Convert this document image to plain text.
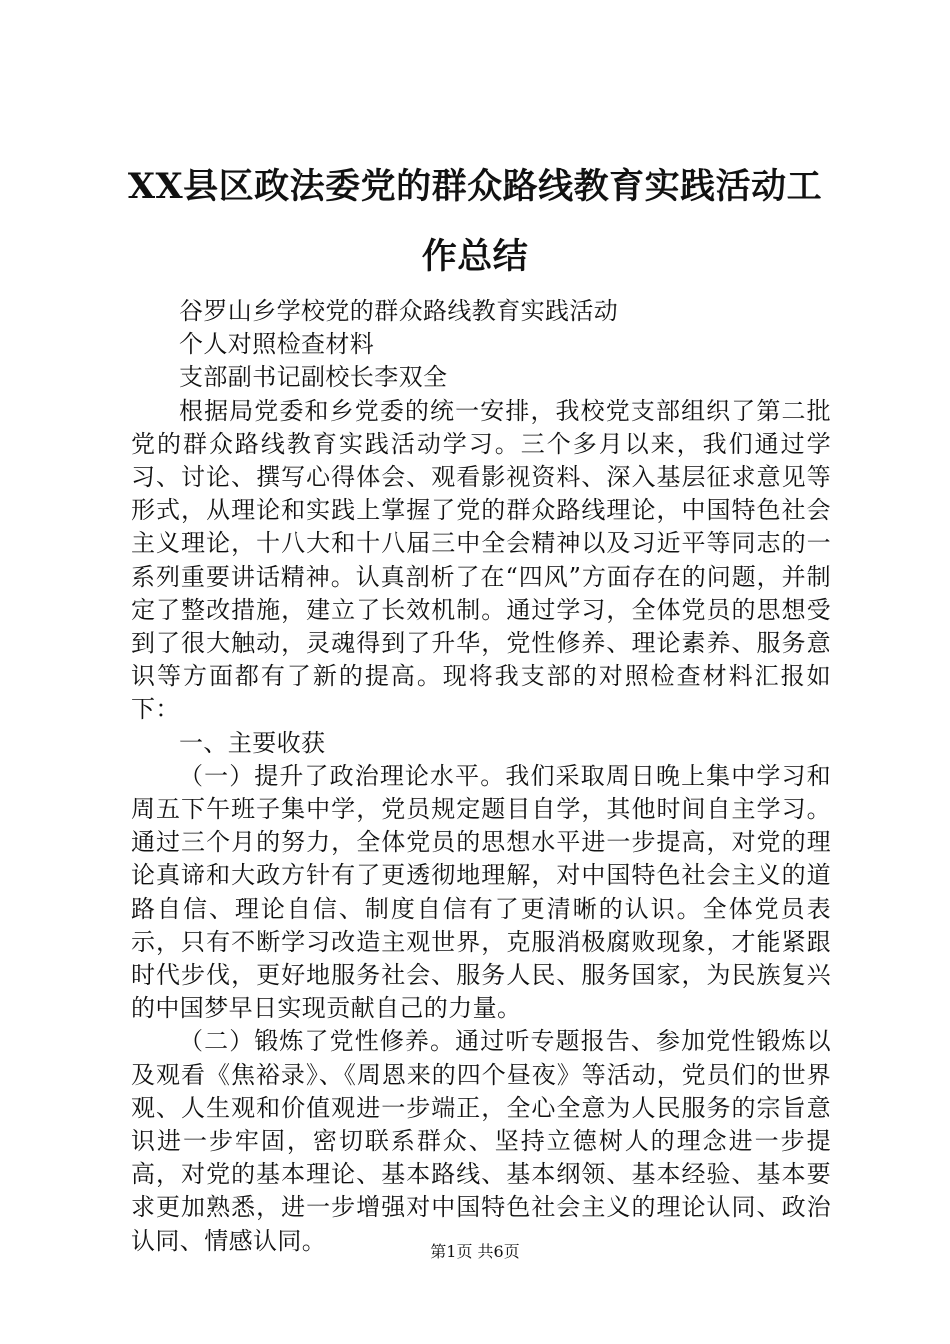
XX县区政法委党的群众路线教育实践活动工作总结

谷罗山乡学校党的群众路线教育实践活动

个人对照检查材料

支部副书记副校长李双全

根据局党委和乡党委的统一安排，我校党支部组织了第二批党的群众路线教育实践活动学习。三个多月以来，我们通过学习、讨论、撰写心得体会、观看影视资料、深入基层征求意见等形式，从理论和实践上掌握了党的群众路线理论，中国特色社会主义理论，十八大和十八届三中全会精神以及习近平等同志的一系列重要讲话精神。认真剖析了在“四风”方面存在的问题，并制定了整改措施，建立了长效机制。通过学习，全体党员的思想受到了很大触动，灵魂得到了升华，党性修养、理论素养、服务意识等方面都有了新的提高。现将我支部的对照检查材料汇报如下：

一、主要收获

（一）提升了政治理论水平。我们采取周日晚上集中学习和周五下午班子集中学，党员规定题目自学，其他时间自主学习。通过三个月的努力，全体党员的思想水平进一步提高，对党的理论真谛和大政方针有了更透彻地理解，对中国特色社会主义的道路自信、理论自信、制度自信有了更清晰的认识。全体党员表示，只有不断学习改造主观世界，克服消极腐败现象，才能紧跟时代步伐，更好地服务社会、服务人民、服务国家，为民族复兴的中国梦早日实现贡献自己的力量。

（二）锻炼了党性修养。通过听专题报告、参加党性锻炼以及观看《焦裕录》、《周恩来的四个昼夜》等活动，党员们的世界观、人生观和价值观进一步端正，全心全意为人民服务的宗旨意识进一步牢固，密切联系群众、坚持立德树人的理念进一步提高，对党的基本理论、基本路线、基本纲领、基本经验、基本要求更加熟悉，进一步增强对中国特色社会主义的理论认同、政治认同、情感认同。	第1页 共6页
